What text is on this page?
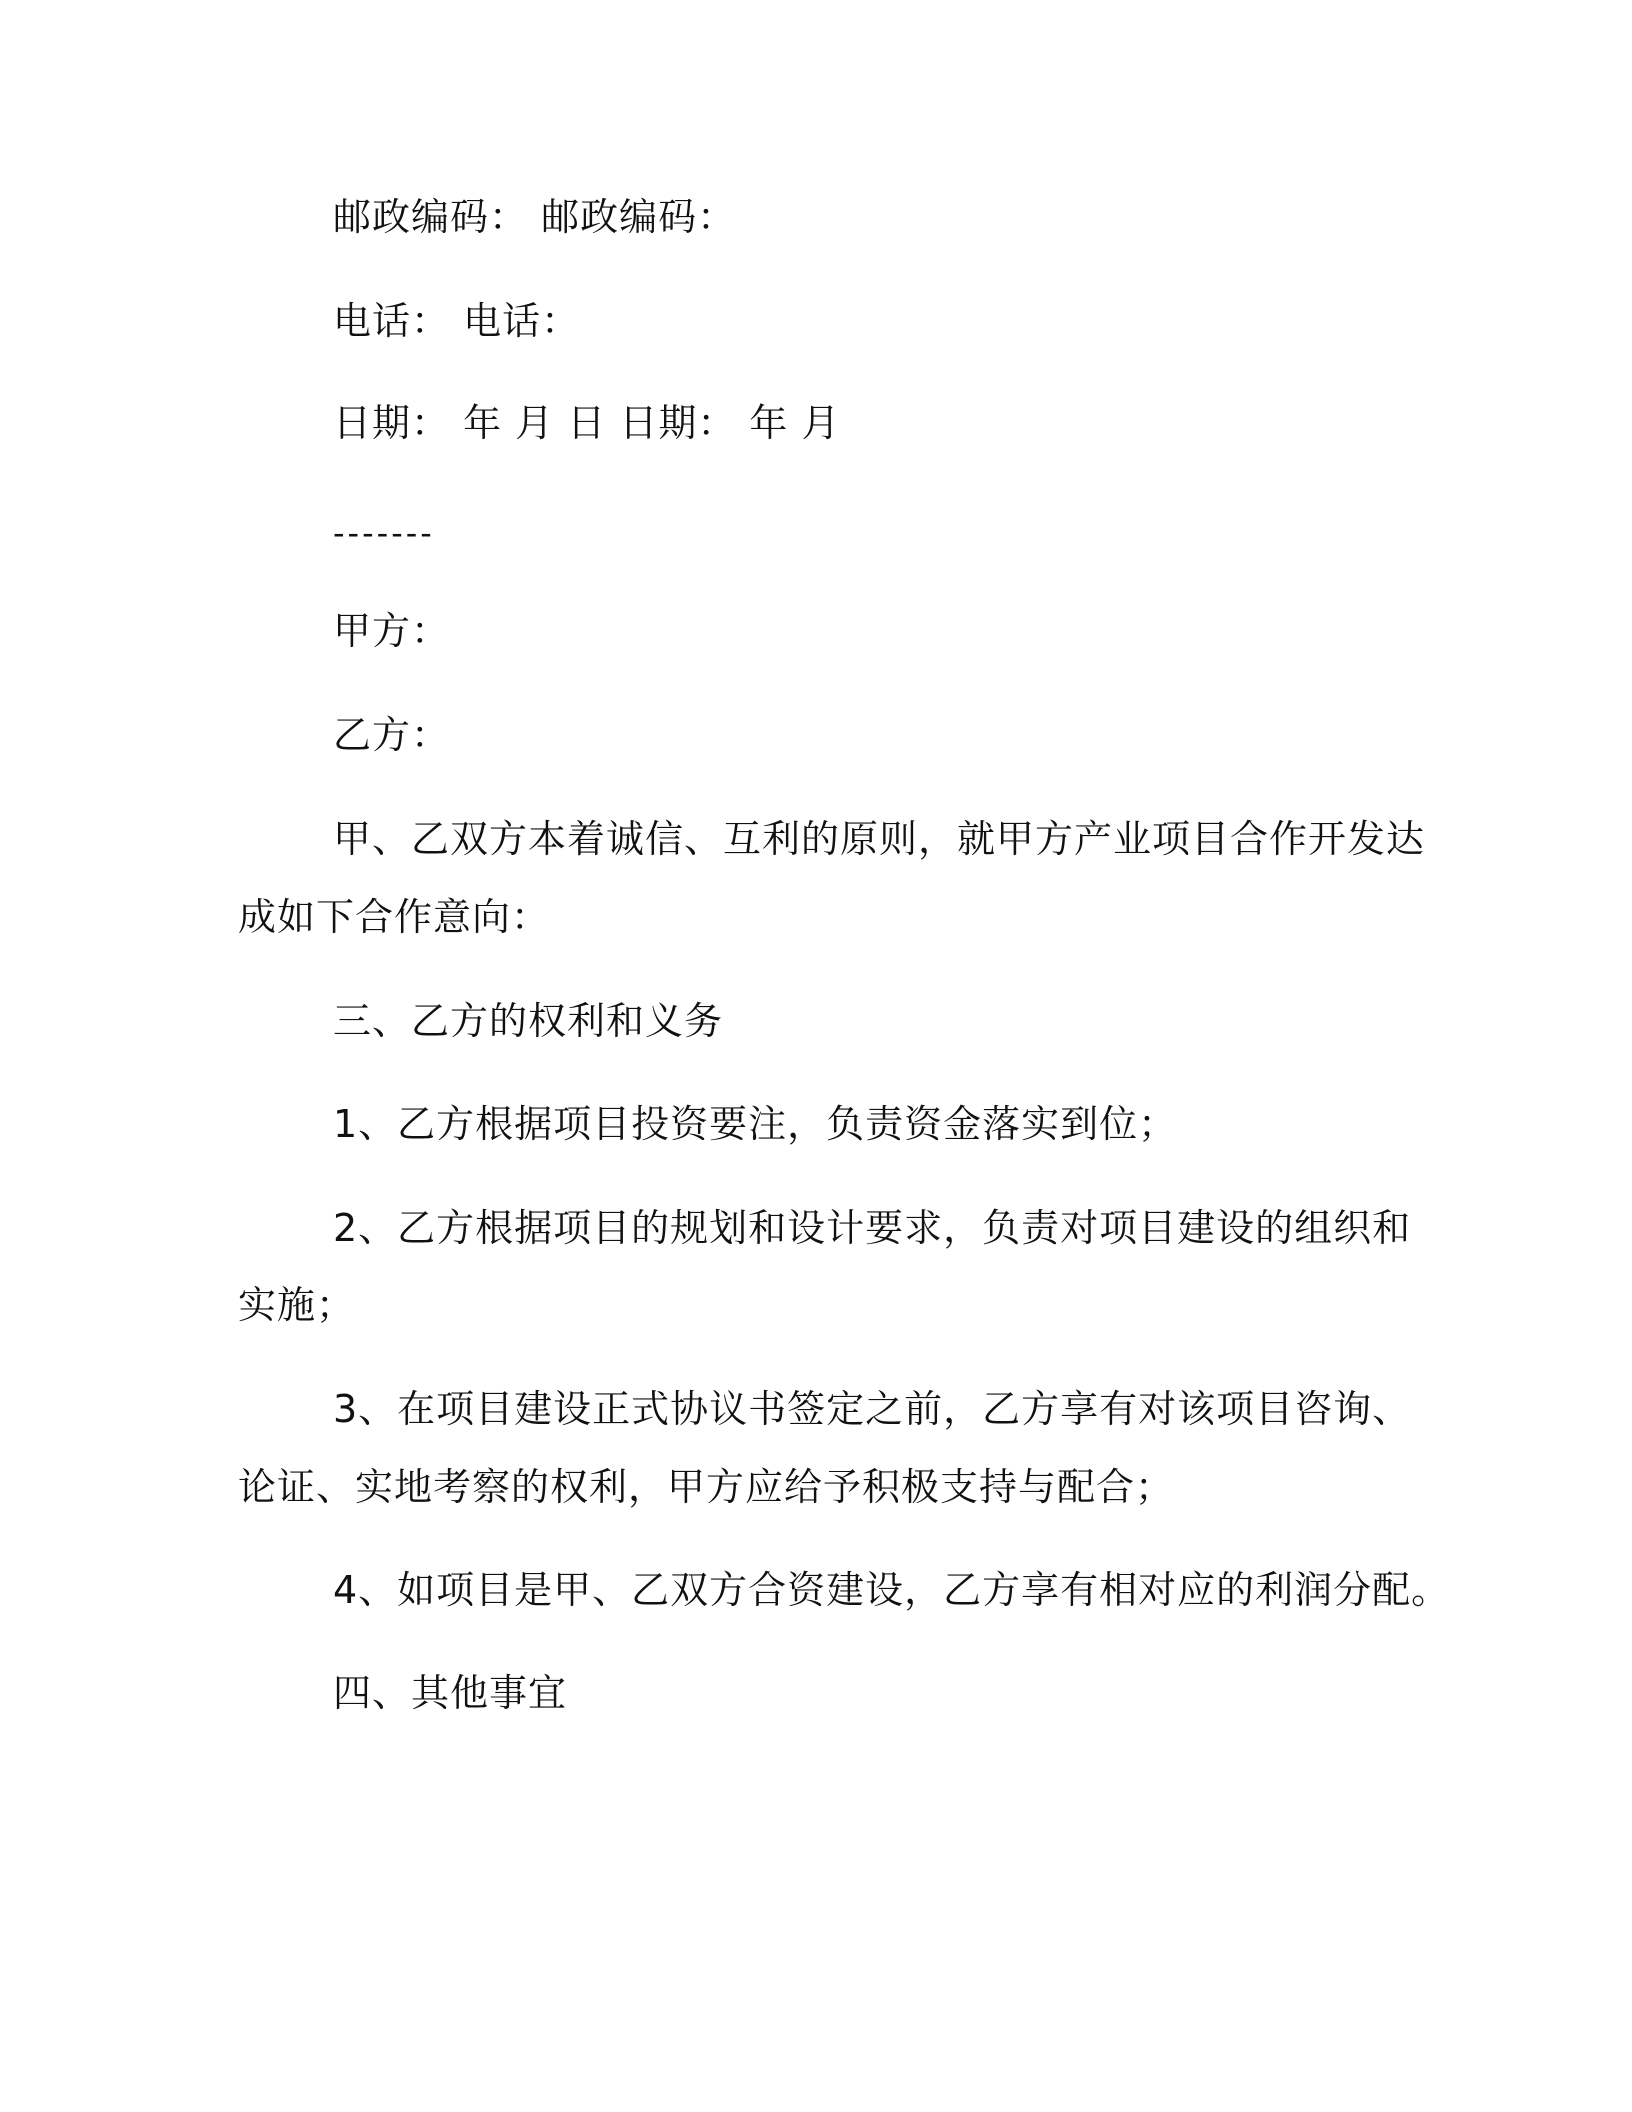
邮政编码： 邮政编码：
电话： 电话：
日期： 年 月 日 日期： 年 月
-------
甲方：
乙方：
甲、乙双方本着诚信、互利的原则，就甲方产业项目合作开发达
成如下合作意向：
三、乙方的权利和义务
1、乙方根据项目投资要注，负责资金落实到位；
2、乙方根据项目的规划和设计要求，负责对项目建设的组织和
实施；
3、在项目建设正式协议书签定之前，乙方享有对该项目咨询、
论证、实地考察的权利，甲方应给予积极支持与配合；
4、如项目是甲、乙双方合资建设，乙方享有相对应的利润分配。
四、其他事宜
